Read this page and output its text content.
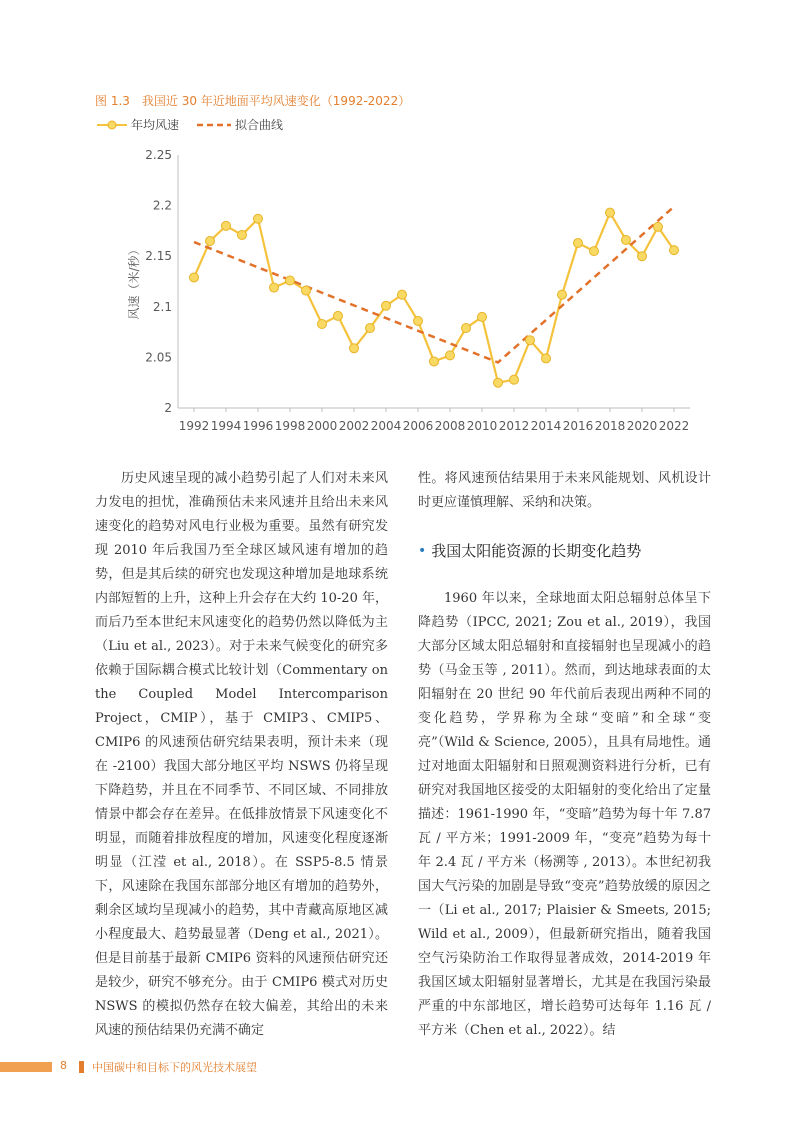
图 1.3　我国近 30 年近地面平均风速变化（1992-2022）
年均风速	拟合曲线
2
2.05
2.1
2.15
2.2
2.25
1992 1994 1996 1998 2000 2002 2004 2006 2008 2010 2012 2014 2016 2018 2020 2022
风速（米/秒）

历史风速呈现的减小趋势引起了人们对未来风力发电的担忧，准确预估未来风速并且给出未来风速变化的趋势对风电行业极为重要。虽然有研究发现 2010 年后我国乃至全球区域风速有增加的趋势，但是其后续的研究也发现这种增加是地球系统内部短暂的上升，这种上升会存在大约 10-20 年，而后乃至本世纪末风速变化的趋势仍然以降低为主（Liu et al., 2023）。对于未来气候变化的研究多依赖于国际耦合模式比较计划（Commentary on the Coupled Model Intercomparison Project，CMIP），基于 CMIP3、CMIP5、CMIP6 的风速预估研究结果表明，预计未来（现在 -2100）我国大部分地区平均 NSWS 仍将呈现下降趋势，并且在不同季节、不同区域、不同排放情景中都会存在差异。在低排放情景下风速变化不明显，而随着排放程度的增加，风速变化程度逐渐明显（江滢 et al., 2018）。在 SSP5-8.5 情景下，风速除在我国东部部分地区有增加的趋势外，剩余区域均呈现减小的趋势，其中青藏高原地区减小程度最大、趋势最显著（Deng et al., 2021）。但是目前基于最新 CMIP6 资料的风速预估研究还是较少，研究不够充分。由于 CMIP6 模式对历史 NSWS 的模拟仍然存在较大偏差，其给出的未来风速的预估结果仍充满不确定

性。将风速预估结果用于未来风能规划、风机设计时更应谨慎理解、采纳和决策。

• 我国太阳能资源的长期变化趋势

1960 年以来，全球地面太阳总辐射总体呈下降趋势（IPCC, 2021; Zou et al., 2019），我国大部分区域太阳总辐射和直接辐射也呈现减小的趋势（马金玉等 , 2011）。然而，到达地球表面的太阳辐射在 20 世纪 90 年代前后表现出两种不同的变化趋势，学界称为全球“变暗”和全球“变亮”（Wild & Science, 2005），且具有局地性。通过对地面太阳辐射和日照观测资料进行分析，已有研究对我国地区接受的太阳辐射的变化给出了定量描述：1961-1990 年，“变暗”趋势为每十年 7.87 瓦 / 平方米；1991-2009 年，“变亮”趋势为每十年 2.4 瓦 / 平方米（杨溯等 , 2013）。本世纪初我国大气污染的加剧是导致“变亮”趋势放缓的原因之一（Li et al., 2017; Plaisier & Smeets, 2015; Wild et al., 2009），但最新研究指出，随着我国空气污染防治工作取得显著成效，2014-2019 年我国区域太阳辐射显著增长，尤其是在我国污染最严重的中东部地区，增长趋势可达每年 1.16 瓦 / 平方米（Chen et al., 2022）。结

8 中国碳中和目标下的风光技术展望
